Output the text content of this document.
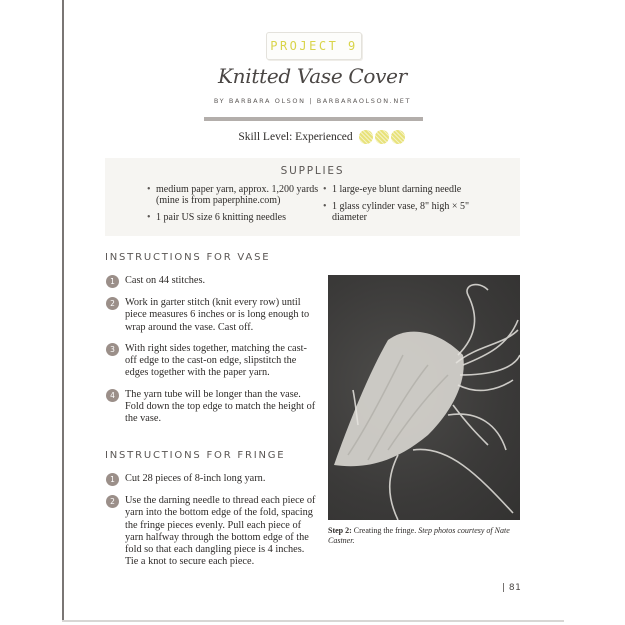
PROJECT 9
Knitted Vase Cover
BY BARBARA OLSON | BARBARAOLSON.NET
Skill Level: Experienced
SUPPLIES
• medium paper yarn, approx. 1,200 yards (mine is from paperphine.com)
• 1 pair US size 6 knitting needles
• 1 large-eye blunt darning needle
• 1 glass cylinder vase, 8" high × 5" diameter
INSTRUCTIONS FOR VASE
1 Cast on 44 stitches.
2 Work in garter stitch (knit every row) until piece measures 6 inches or is long enough to wrap around the vase. Cast off.
3 With right sides together, matching the cast-off edge to the cast-on edge, slipstitch the edges together with the paper yarn.
4 The yarn tube will be longer than the vase. Fold down the top edge to match the height of the vase.
INSTRUCTIONS FOR FRINGE
1 Cut 28 pieces of 8-inch long yarn.
2 Use the darning needle to thread each piece of yarn into the bottom edge of the fold, spacing the fringe pieces evenly. Pull each piece of yarn halfway through the bottom edge of the fold so that each dangling piece is 4 inches. Tie a knot to secure each piece.
Step 2: Creating the fringe. Step photos courtesy of Nate Castner.
| 81
